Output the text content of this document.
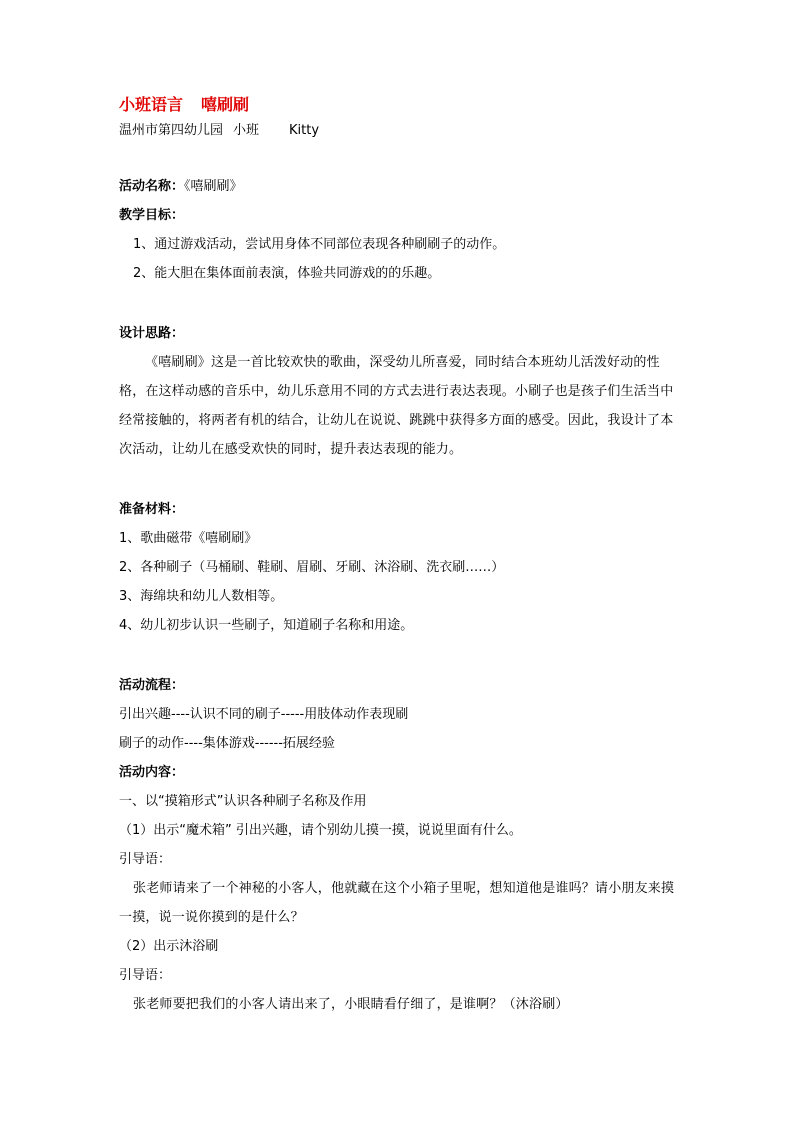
小班语言 嘻刷刷
温州市第四幼儿园 小班 Kitty
活动名称：《嘻刷刷》
教学目标：
1、通过游戏活动，尝试用身体不同部位表现各种刷刷子的动作。
2、能大胆在集体面前表演，体验共同游戏的的乐趣。
设计思路：
《嘻刷刷》这是一首比较欢快的歌曲，深受幼儿所喜爱，同时结合本班幼儿活泼好动的性格，在这样动感的音乐中，幼儿乐意用不同的方式去进行表达表现。小刷子也是孩子们生活当中经常接触的，将两者有机的结合，让幼儿在说说、跳跳中获得多方面的感受。因此，我设计了本次活动，让幼儿在感受欢快的同时，提升表达表现的能力。
准备材料：
1、歌曲磁带《嘻刷刷》
2、各种刷子（马桶刷、鞋刷、眉刷、牙刷、沐浴刷、洗衣刷……）
3、海绵块和幼儿人数相等。
4、幼儿初步认识一些刷子，知道刷子名称和用途。
活动流程：
引出兴趣----认识不同的刷子-----用肢体动作表现刷
刷子的动作----集体游戏------拓展经验
活动内容：
一、以“摸箱形式”认识各种刷子名称及作用
（1）出示“魔术箱” 引出兴趣，请个别幼儿摸一摸，说说里面有什么。
引导语：
张老师请来了一个神秘的小客人，他就藏在这个小箱子里呢，想知道他是谁吗？请小朋友来摸一摸，说一说你摸到的是什么？
（2）出示沐浴刷
引导语：
张老师要把我们的小客人请出来了，小眼睛看仔细了，是谁啊？（沐浴刷）
